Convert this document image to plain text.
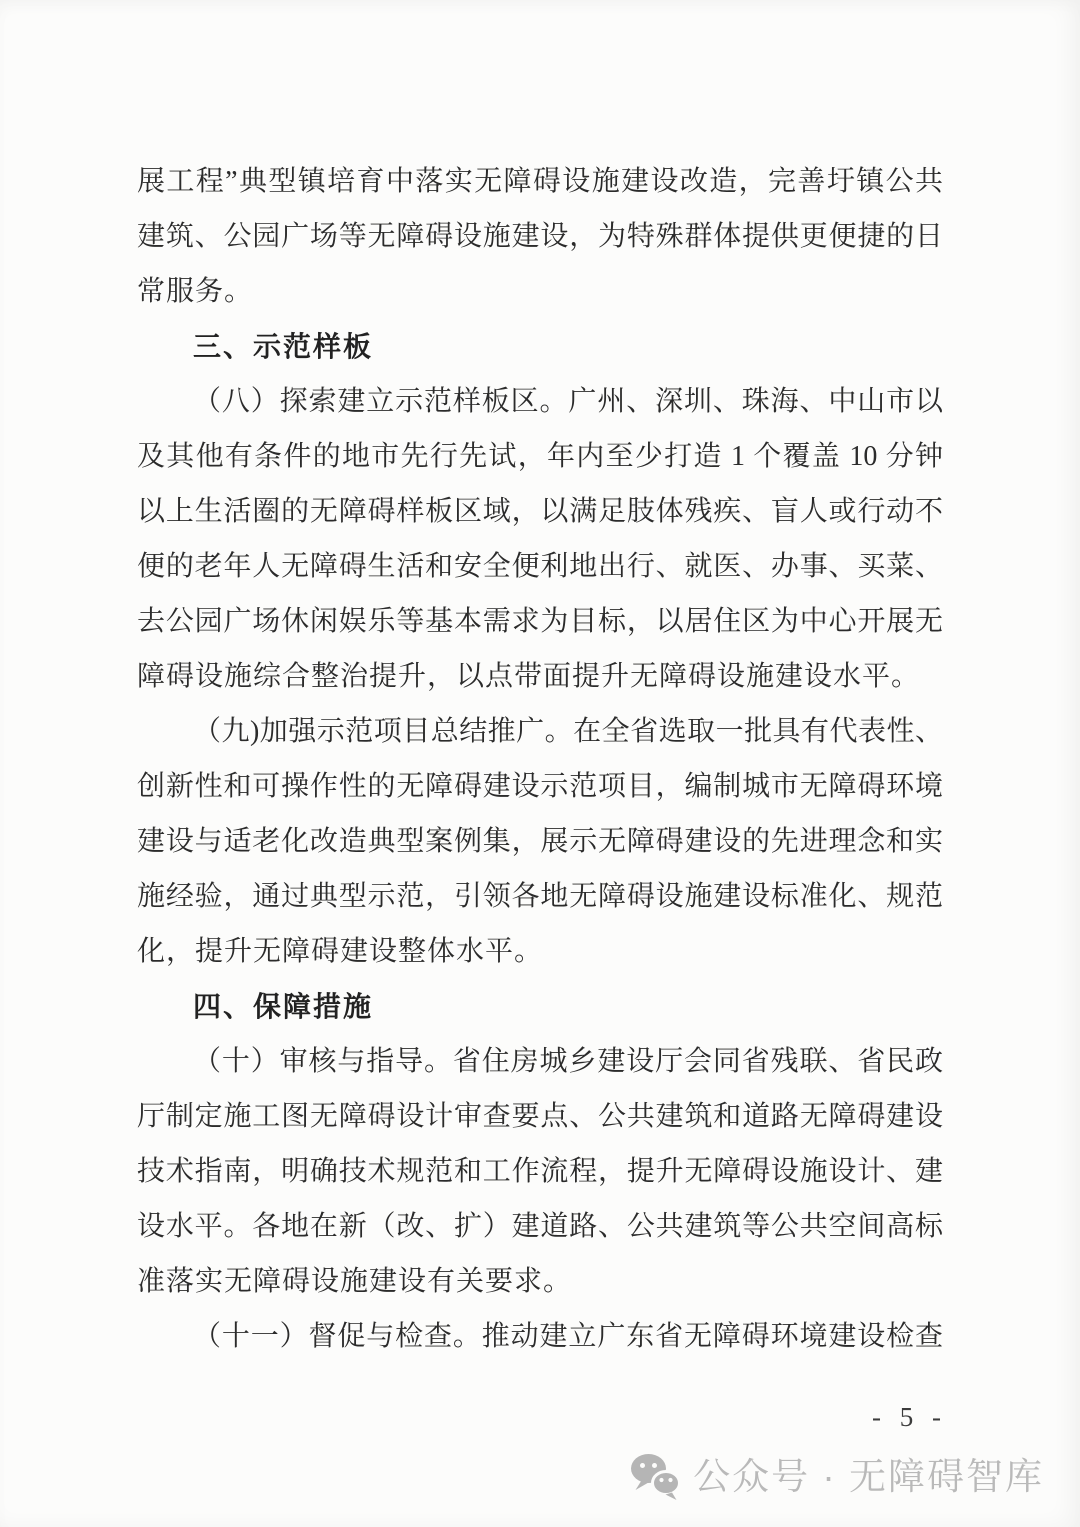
展工程”典型镇培育中落实无障碍设施建设改造，完善圩镇公共
建筑、公园广场等无障碍设施建设，为特殊群体提供更便捷的日
常服务。
三、示范样板
（八）探索建立示范样板区。广州、深圳、珠海、中山市以
及其他有条件的地市先行先试，年内至少打造 1 个覆盖 10 分钟
以上生活圈的无障碍样板区域，以满足肢体残疾、盲人或行动不
便的老年人无障碍生活和安全便利地出行、就医、办事、买菜、
去公园广场休闲娱乐等基本需求为目标，以居住区为中心开展无
障碍设施综合整治提升，以点带面提升无障碍设施建设水平。
（九)加强示范项目总结推广。在全省选取一批具有代表性、
创新性和可操作性的无障碍建设示范项目，编制城市无障碍环境
建设与适老化改造典型案例集，展示无障碍建设的先进理念和实
施经验，通过典型示范，引领各地无障碍设施建设标准化、规范
化，提升无障碍建设整体水平。
四、保障措施
（十）审核与指导。省住房城乡建设厅会同省残联、省民政
厅制定施工图无障碍设计审查要点、公共建筑和道路无障碍建设
技术指南，明确技术规范和工作流程，提升无障碍设施设计、建
设水平。各地在新（改、扩）建道路、公共建筑等公共空间高标
准落实无障碍设施建设有关要求。
（十一）督促与检查。推动建立广东省无障碍环境建设检查
- 5 -
公众号 · 无障碍智库
